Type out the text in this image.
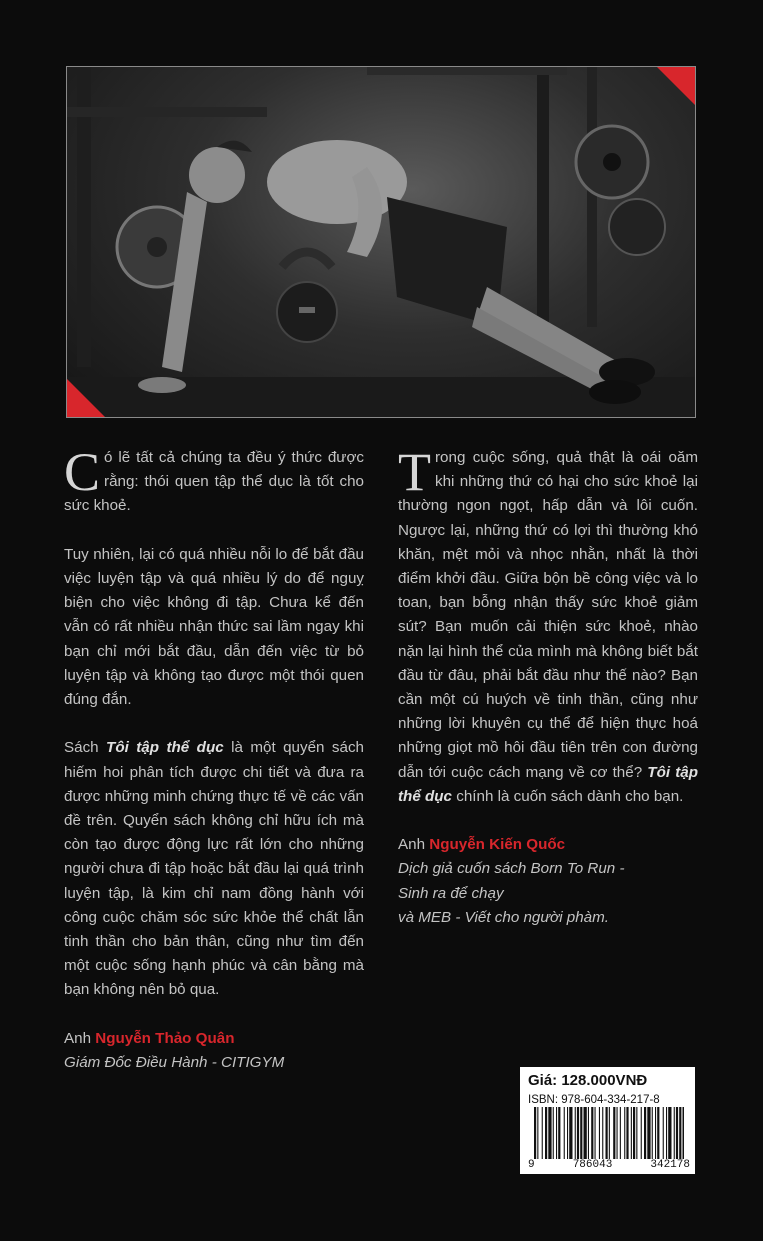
Có lẽ tất cả chúng ta đều ý thức được rằng: thói quen tập thể dục là tốt cho sức khoẻ.

Tuy nhiên, lại có quá nhiều nỗi lo để bắt đầu việc luyện tập và quá nhiều lý do để nguỵ biện cho việc không đi tập. Chưa kể đến vẫn có rất nhiều nhận thức sai lầm ngay khi bạn chỉ mới bắt đầu, dẫn đến việc từ bỏ luyện tập và không tạo được một thói quen đúng đắn.

Sách Tôi tập thể dục là một quyển sách hiếm hoi phân tích được chi tiết và đưa ra được những minh chứng thực tế về các vấn đề trên. Quyển sách không chỉ hữu ích mà còn tạo được động lực rất lớn cho những người chưa đi tập hoặc bắt đầu lại quá trình luyện tập, là kim chỉ nam đồng hành với công cuộc chăm sóc sức khỏe thể chất lẫn tinh thần cho bản thân, cũng như tìm đến một cuộc sống hạnh phúc và cân bằng mà bạn không nên bỏ qua.

Anh Nguyễn Thảo Quân
Giám Đốc Điều Hành - CITIGYM

Trong cuộc sống, quả thật là oái oăm khi những thứ có hại cho sức khoẻ lại thường ngon ngọt, hấp dẫn và lôi cuốn. Ngược lại, những thứ có lợi thì thường khó khăn, mệt mỏi và nhọc nhằn, nhất là thời điểm khởi đầu. Giữa bộn bề công việc và lo toan, bạn bỗng nhận thấy sức khoẻ giảm sút? Bạn muốn cải thiện sức khoẻ, nhào nặn lại hình thể của mình mà không biết bắt đầu từ đâu, phải bắt đầu như thế nào? Bạn cần một cú huých về tinh thần, cũng như những lời khuyên cụ thể để hiện thực hoá những giọt mồ hôi đầu tiên trên con đường dẫn tới cuộc cách mạng về cơ thể? Tôi tập thể dục chính là cuốn sách dành cho bạn.

Anh Nguyễn Kiến Quốc
Dịch giả cuốn sách Born To Run -
Sinh ra để chạy
và MEB - Viết cho người phàm.
Giá: 128.000VNĐ
ISBN: 978-604-334-217-8
9	786043	342178
